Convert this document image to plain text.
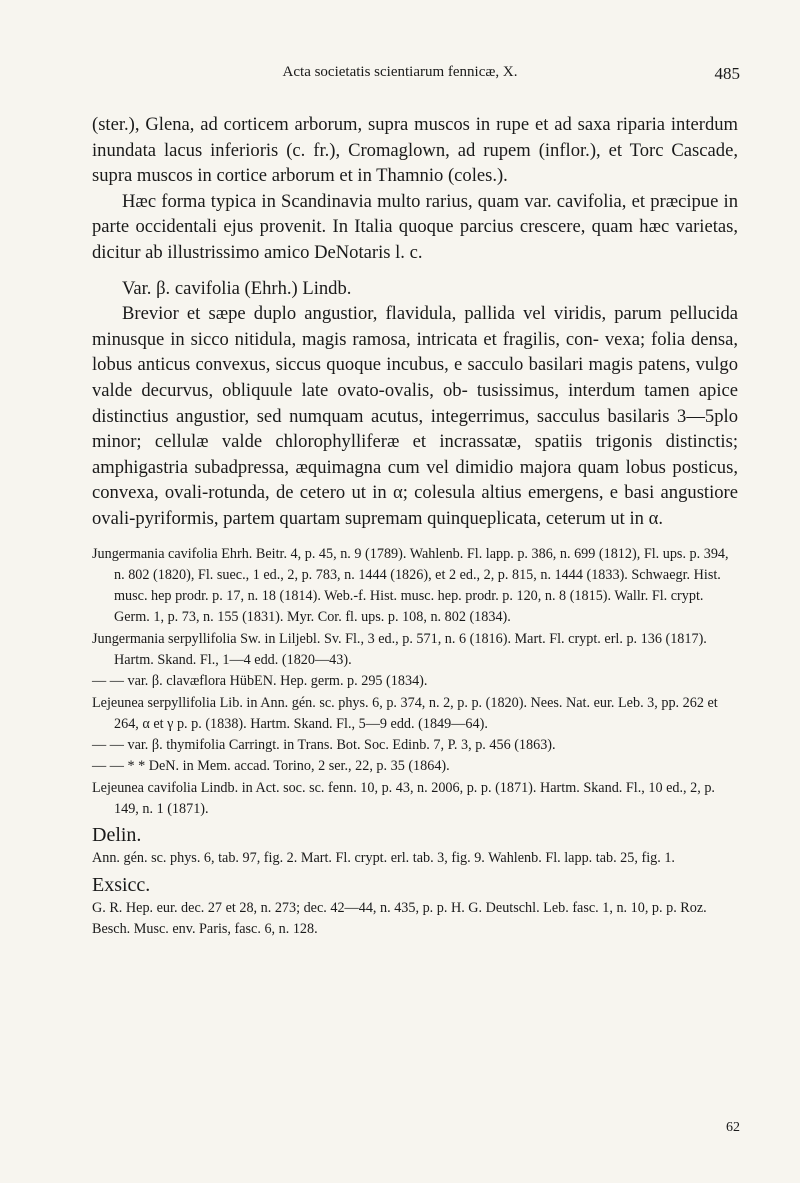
Acta societatis scientiarum fennicæ, X.	485

(ster.), Glena, ad corticem arborum, supra muscos in rupe et ad saxa riparia interdum inundata lacus inferioris (c. fr.), Cromaglown, ad rupem (inflor.), et Torc Cascade, supra muscos in cortice arborum et in Thamnio (coles.).

Hæc forma typica in Scandinavia multo rarius, quam var. cavifolia, et præcipue in parte occidentali ejus provenit. In Italia quoque parcius crescere, quam hæc varietas, dicitur ab illustrissimo amico DeNotaris l. c.

Var. β. cavifolia (Ehrh.) Lindb.

Brevior et sæpe duplo angustior, flavidula, pallida vel viridis, parum pellucida minusque in sicco nitidula, magis ramosa, intricata et fragilis, con- vexa; folia densa, lobus anticus convexus, siccus quoque incubus, e sacculo basilari magis patens, vulgo valde decurvus, obliquule late ovato-ovalis, ob- tusissimus, interdum tamen apice distinctius angustior, sed numquam acutus, integerrimus, sacculus basilaris 3—5plo minor; cellulæ valde chlorophylliferæ et incrassatæ, spatiis trigonis distinctis; amphigastria subadpressa, æquimagna cum vel dimidio majora quam lobus posticus, convexa, ovali-rotunda, de cetero ut in α; colesula altius emergens, e basi angustiore ovali-pyriformis, partem quartam supremam quinqueplicata, ceterum ut in α.

Jungermania cavifolia Ehrh. Beitr. 4, p. 45, n. 9 (1789). Wahlenb. Fl. lapp. p. 386, n. 699 (1812), Fl. ups. p. 394, n. 802 (1820), Fl. suec., 1 ed., 2, p. 783, n. 1444 (1826), et 2 ed., 2, p. 815, n. 1444 (1833). Schwaegr. Hist. musc. hep prodr. p. 17, n. 18 (1814). Web.-f. Hist. musc. hep. prodr. p. 120, n. 8 (1815). Wallr. Fl. crypt. Germ. 1, p. 73, n. 155 (1831). Myr. Cor. fl. ups. p. 108, n. 802 (1834).

Jungermania serpyllifolia Sw. in Liljebl. Sv. Fl., 3 ed., p. 571, n. 6 (1816). Mart. Fl. crypt. erl. p. 136 (1817). Hartm. Skand. Fl., 1—4 edd. (1820—43).

— — var. β. clavæflora HübEN. Hep. germ. p. 295 (1834).

Lejeunea serpyllifolia Lib. in Ann. gén. sc. phys. 6, p. 374, n. 2, p. p. (1820). Nees. Nat. eur. Leb. 3, pp. 262 et 264, α et γ p. p. (1838). Hartm. Skand. Fl., 5—9 edd. (1849—64).

— — var. β. thymifolia Carringt. in Trans. Bot. Soc. Edinb. 7, P. 3, p. 456 (1863).

— — * * DeN. in Mem. accad. Torino, 2 ser., 22, p. 35 (1864).

Lejeunea cavifolia Lindb. in Act. soc. sc. fenn. 10, p. 43, n. 2006, p. p. (1871). Hartm. Skand. Fl., 10 ed., 2, p. 149, n. 1 (1871).

Delin.

Ann. gén. sc. phys. 6, tab. 97, fig. 2. Mart. Fl. crypt. erl. tab. 3, fig. 9. Wahlenb. Fl. lapp. tab. 25, fig. 1.

Exsicc.

G. R. Hep. eur. dec. 27 et 28, n. 273; dec. 42—44, n. 435, p. p. H. G. Deutschl. Leb. fasc. 1, n. 10, p. p. Roz. Besch. Musc. env. Paris, fasc. 6, n. 128.

62
